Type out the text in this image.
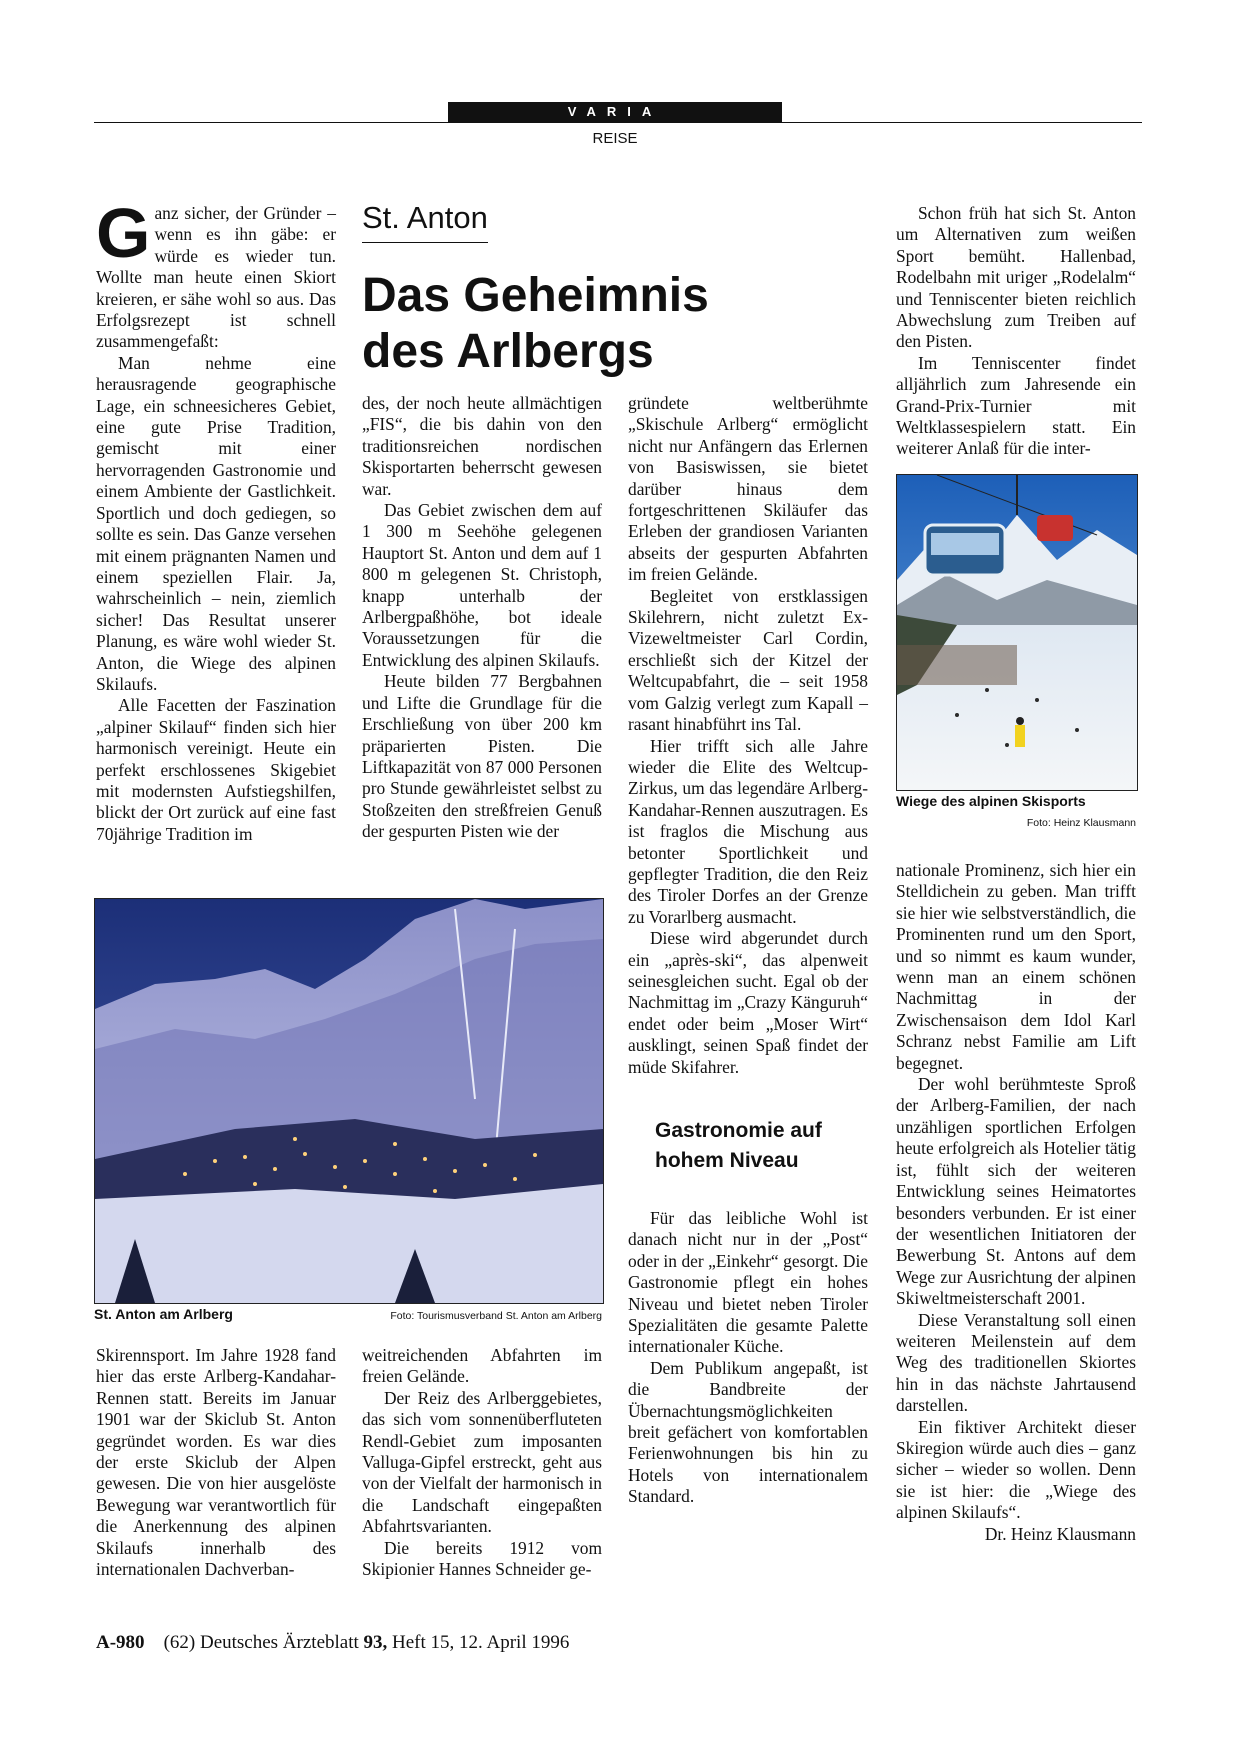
VARIA
REISE

G anz sicher, der Gründer – wenn es ihn gäbe: er würde es wieder tun. Wollte man heute einen Skiort kreieren, er sähe wohl so aus. Das Erfolgsrezept ist schnell zusammengefaßt:

Man nehme eine herausragende geographische Lage, ein schneesicheres Gebiet, eine gute Prise Tradition, gemischt mit einer hervorragenden Gastronomie und einem Ambiente der Gastlichkeit. Sportlich und doch gediegen, so sollte es sein. Das Ganze versehen mit einem prägnanten Namen und einem speziellen Flair. Ja, wahrscheinlich – nein, ziemlich sicher! Das Resultat unserer Planung, es wäre wohl wieder St. Anton, die Wiege des alpinen Skilaufs.

Alle Facetten der Faszination „alpiner Skilauf“ finden sich hier harmonisch vereinigt. Heute ein perfekt erschlossenes Skigebiet mit modernsten Aufstiegshilfen, blickt der Ort zurück auf eine fast 70jährige Tradition im

St. Anton
Das Geheimnis
des Arlbergs

des, der noch heute allmächtigen „FIS“, die bis dahin von den traditionsreichen nordischen Skisportarten beherrscht gewesen war.

Das Gebiet zwischen dem auf 1 300 m Seehöhe gelegenen Hauptort St. Anton und dem auf 1 800 m gelegenen St. Christoph, knapp unterhalb der Arlbergpaßhöhe, bot ideale Voraussetzungen für die Entwicklung des alpinen Skilaufs.

Heute bilden 77 Bergbahnen und Lifte die Grundlage für die Erschließung von über 200 km präparierten Pisten. Die Liftkapazität von 87 000 Personen pro Stunde gewährleistet selbst zu Stoßzeiten den streßfreien Genuß der gespurten Pisten wie der

gründete weltberühmte „Skischule Arlberg“ ermöglicht nicht nur Anfängern das Erlernen von Basiswissen, sie bietet darüber hinaus dem fortgeschrittenen Skiläufer das Erleben der grandiosen Varianten abseits der gespurten Abfahrten im freien Gelände.

Begleitet von erstklassigen Skilehrern, nicht zuletzt Ex-Vizeweltmeister Carl Cordin, erschließt sich der Kitzel der Weltcupabfahrt, die – seit 1958 vom Galzig verlegt zum Kapall – rasant hinabführt ins Tal.

Hier trifft sich alle Jahre wieder die Elite des Weltcup-Zirkus, um das legendäre Arlberg-Kandahar-Rennen auszutragen. Es ist fraglos die Mischung aus betonter Sportlichkeit und gepflegter Tradition, die den Reiz des Tiroler Dorfes an der Grenze zu Vorarlberg ausmacht.

Diese wird abgerundet durch ein „après-ski“, das alpenweit seinesgleichen sucht. Egal ob der Nachmittag im „Crazy Känguruh“ endet oder beim „Moser Wirt“ ausklingt, seinen Spaß findet der müde Skifahrer.

Gastronomie auf
hohem Niveau

Für das leibliche Wohl ist danach nicht nur in der „Post“ oder in der „Einkehr“ gesorgt. Die Gastronomie pflegt ein hohes Niveau und bietet neben Tiroler Spezialitäten die gesamte Palette internationaler Küche.

Dem Publikum angepaßt, ist die Bandbreite der Übernachtungsmöglichkeiten breit gefächert von komfortablen Ferienwohnungen bis hin zu Hotels von internationalem Standard.

Schon früh hat sich St. Anton um Alternativen zum weißen Sport bemüht. Hallenbad, Rodelbahn mit uriger „Rodelalm“ und Tenniscenter bieten reichlich Abwechslung zum Treiben auf den Pisten.

Im Tenniscenter findet alljährlich zum Jahresende ein Grand-Prix-Turnier mit Weltklassespielern statt. Ein weiterer Anlaß für die inter-

Wiege des alpinen Skisports
Foto: Heinz Klausmann

nationale Prominenz, sich hier ein Stelldichein zu geben. Man trifft sie hier wie selbstverständlich, die Prominenten rund um den Sport, und so nimmt es kaum wunder, wenn man an einem schönen Nachmittag in der Zwischensaison dem Idol Karl Schranz nebst Familie am Lift begegnet.

Der wohl berühmteste Sproß der Arlberg-Familien, der nach unzähligen sportlichen Erfolgen heute erfolgreich als Hotelier tätig ist, fühlt sich der weiteren Entwicklung seines Heimatortes besonders verbunden. Er ist einer der wesentlichen Initiatoren der Bewerbung St. Antons auf dem Wege zur Ausrichtung der alpinen Skiweltmeisterschaft 2001.

Diese Veranstaltung soll einen weiteren Meilenstein auf dem Weg des traditionellen Skiortes hin in das nächste Jahrtausend darstellen.

Ein fiktiver Architekt dieser Skiregion würde auch dies – ganz sicher – wieder so wollen. Denn sie ist hier: die „Wiege des alpinen Skilaufs“.

Dr. Heinz Klausmann

St. Anton am Arlberg	Foto: Tourismusverband St. Anton am Arlberg

Skirennsport. Im Jahre 1928 fand hier das erste Arlberg-Kandahar-Rennen statt. Bereits im Januar 1901 war der Skiclub St. Anton gegründet worden. Es war dies der erste Skiclub der Alpen gewesen. Die von hier ausgelöste Bewegung war verantwortlich für die Anerkennung des alpinen Skilaufs innerhalb des internationalen Dachverban-

weitreichenden Abfahrten im freien Gelände.

Der Reiz des Arlberggebietes, das sich vom sonnenüberfluteten Rendl-Gebiet zum imposanten Valluga-Gipfel erstreckt, geht aus von der Vielfalt der harmonisch in die Landschaft eingepaßten Abfahrtsvarianten.

Die bereits 1912 vom Skipionier Hannes Schneider ge-

A-980 (62) Deutsches Ärzteblatt 93, Heft 15, 12. April 1996
